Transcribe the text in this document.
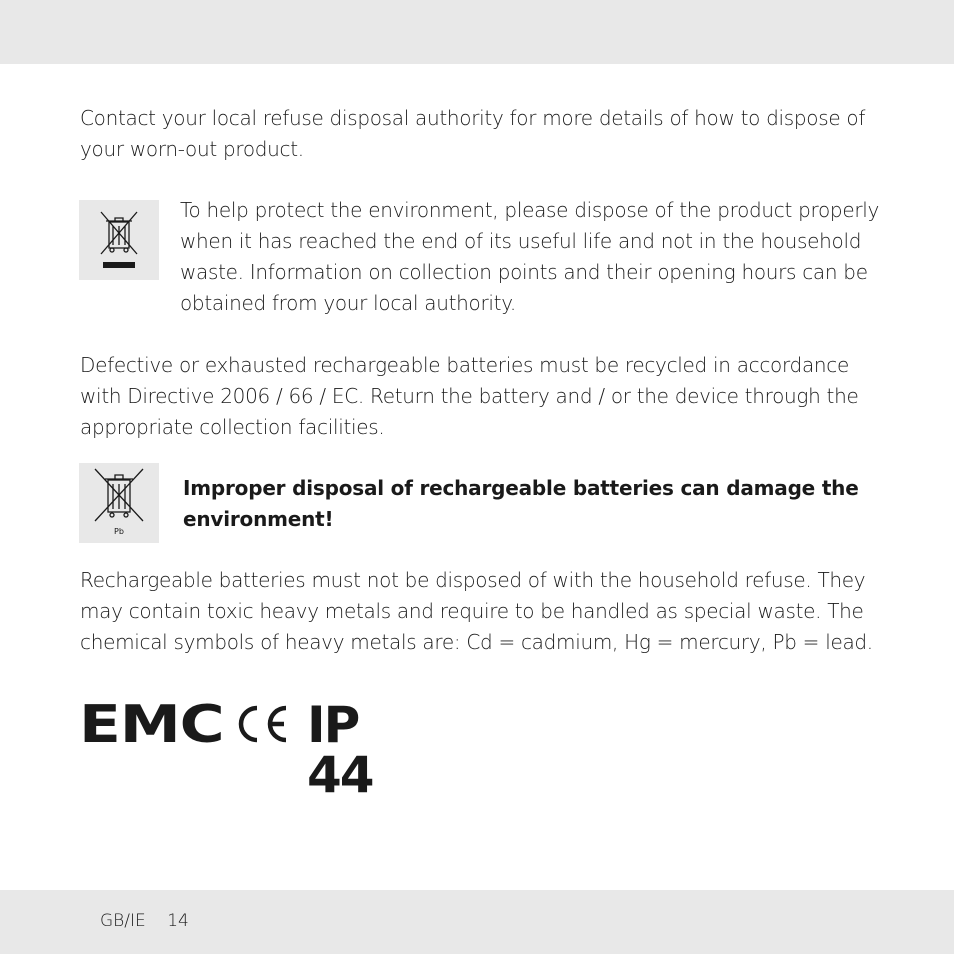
Contact your local refuse disposal authority for more details of how to dispose of your worn-out product.

To help protect the environment, please dispose of the product properly when it has reached the end of its useful life and not in the household waste. Information on collection points and their opening hours can be obtained from your local authority.

Defective or exhausted rechargeable batteries must be recycled in accordance with Directive 2006 / 66 / EC. Return the battery and / or the device through the appropriate collection facilities.

Pb

Improper disposal of rechargeable batteries can damage the environment!

Rechargeable batteries must not be disposed of with the household refuse. They may contain toxic heavy metals and require to be handled as special waste. The chemical symbols of heavy metals are: Cd = cadmium, Hg = mercury, Pb = lead.

EMC IP 44
GB/IE 14
